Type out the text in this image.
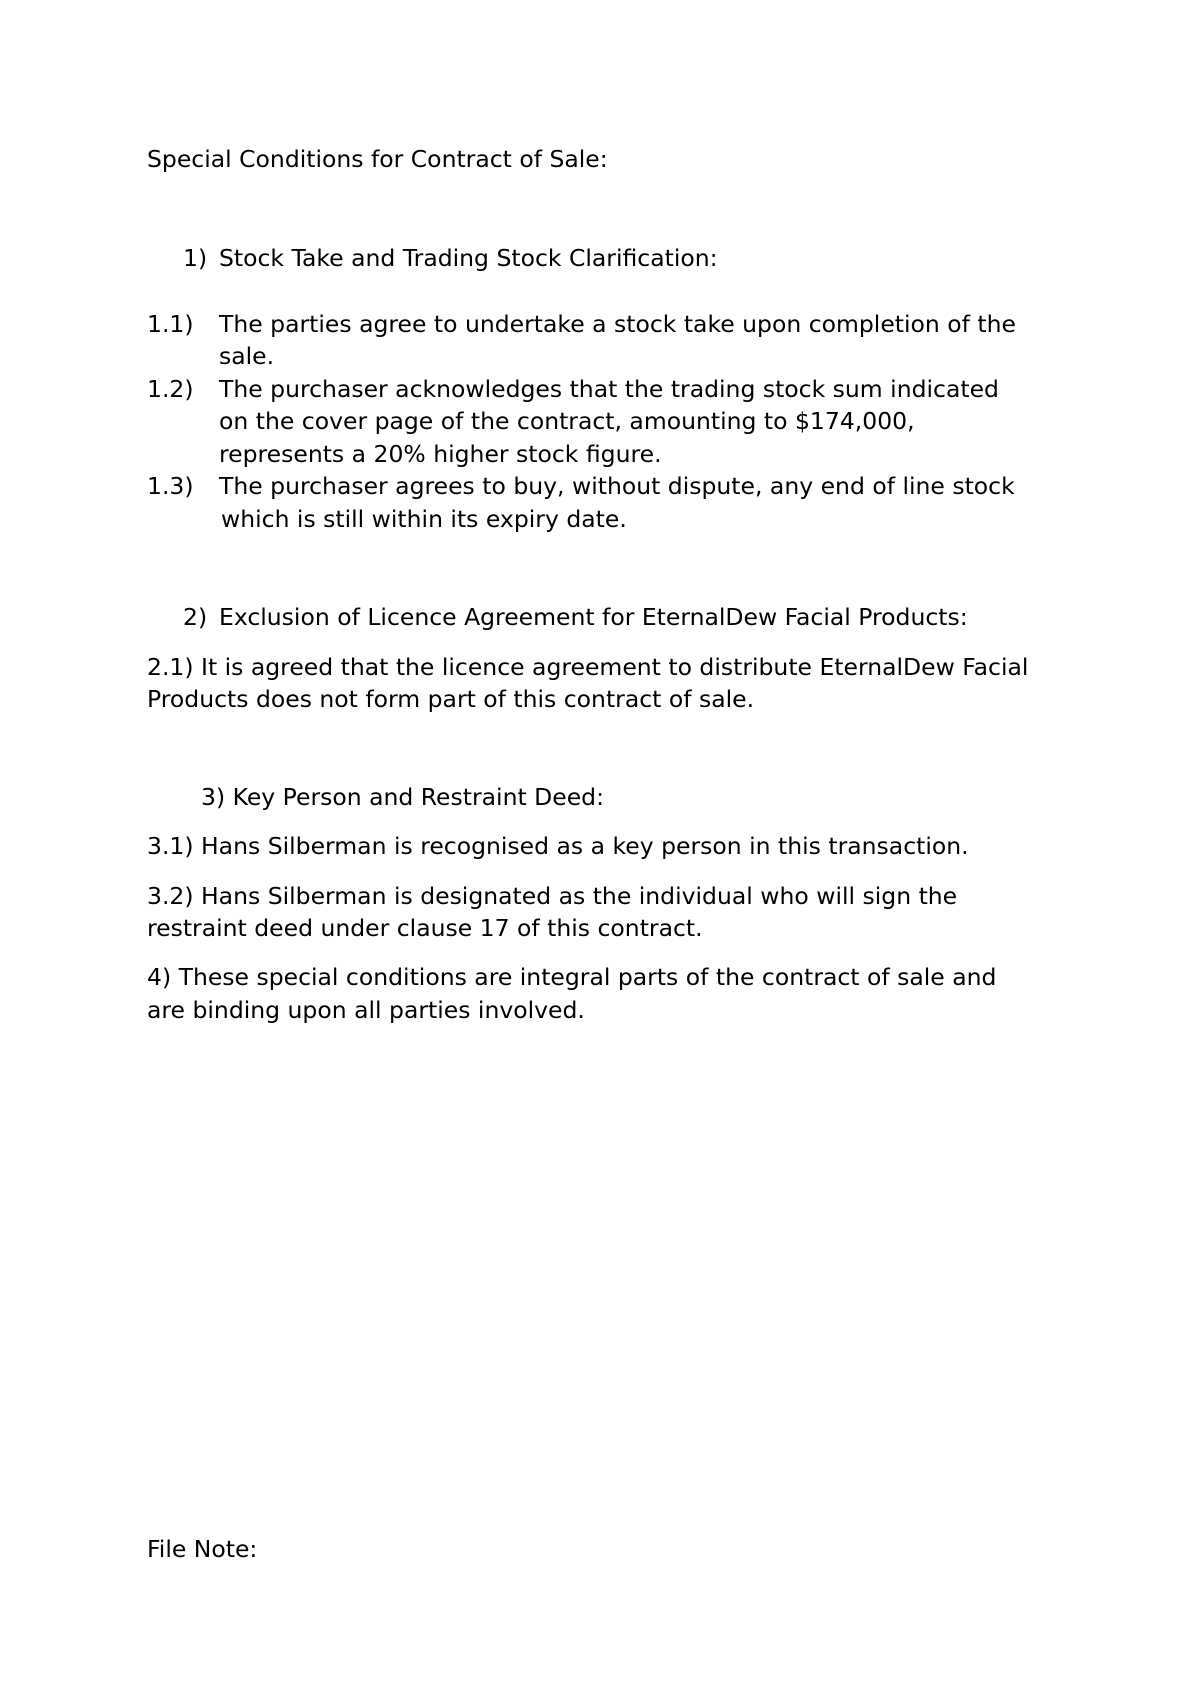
Special Conditions for Contract of Sale:

1) Stock Take and Trading Stock Clarification:

1.1) The parties agree to undertake a stock take upon completion of the

sale.

1.2) The purchaser acknowledges that the trading stock sum indicated

on the cover page of the contract, amounting to $174,000,

represents a 20% higher stock figure.

1.3) The purchaser agrees to buy, without dispute, any end of line stock

which is still within its expiry date.

2) Exclusion of Licence Agreement for EternalDew Facial Products:

2.1) It is agreed that the licence agreement to distribute EternalDew Facial

Products does not form part of this contract of sale.

3) Key Person and Restraint Deed:

3.1) Hans Silberman is recognised as a key person in this transaction.

3.2) Hans Silberman is designated as the individual who will sign the

restraint deed under clause 17 of this contract.

4) These special conditions are integral parts of the contract of sale and

are binding upon all parties involved.

File Note:
